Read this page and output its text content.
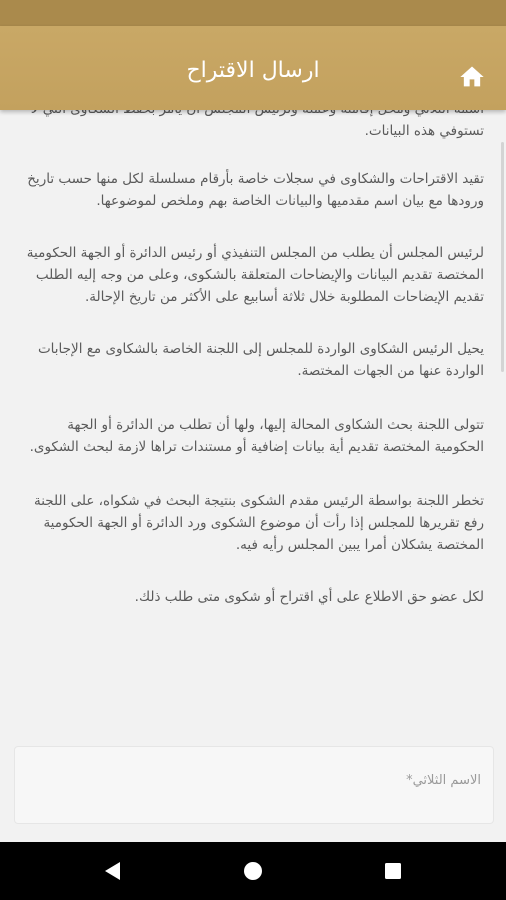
ارسال الاقتراح

تستوفي هذه البيانات.

تقيد الاقتراحات والشكاوى في سجلات خاصة بأرقام مسلسلة لكل منها حسب تاريخ ورودها مع بيان اسم مقدميها والبيانات الخاصة بهم وملخص لموضوعها.

لرئيس المجلس أن يطلب من المجلس التنفيذي أو رئيس الدائرة أو الجهة الحكومية المختصة تقديم البيانات والإيضاحات المتعلقة بالشكوى، وعلى من وجه إليه الطلب تقديم الإيضاحات المطلوبة خلال ثلاثة أسابيع على الأكثر من تاريخ الإحالة.

يحيل الرئيس الشكاوى الواردة للمجلس إلى اللجنة الخاصة بالشكاوى مع الإجابات الواردة عنها من الجهات المختصة.

تتولى اللجنة بحث الشكاوى المحالة إليها، ولها أن تطلب من الدائرة أو الجهة الحكومية المختصة تقديم أية بيانات إضافية أو مستندات تراها لازمة لبحث الشكوى.

تخطر اللجنة بواسطة الرئيس مقدم الشكوى بنتيجة البحث في شكواه، على اللجنة رفع تقريرها للمجلس إذا رأت أن موضوع الشكوى ورد الدائرة أو الجهة الحكومية المختصة يشكلان أمرا يبين المجلس رأيه فيه.

لكل عضو حق الاطلاع على أي اقتراح أو شكوى متى طلب ذلك.

الاسم الثلاثي*
